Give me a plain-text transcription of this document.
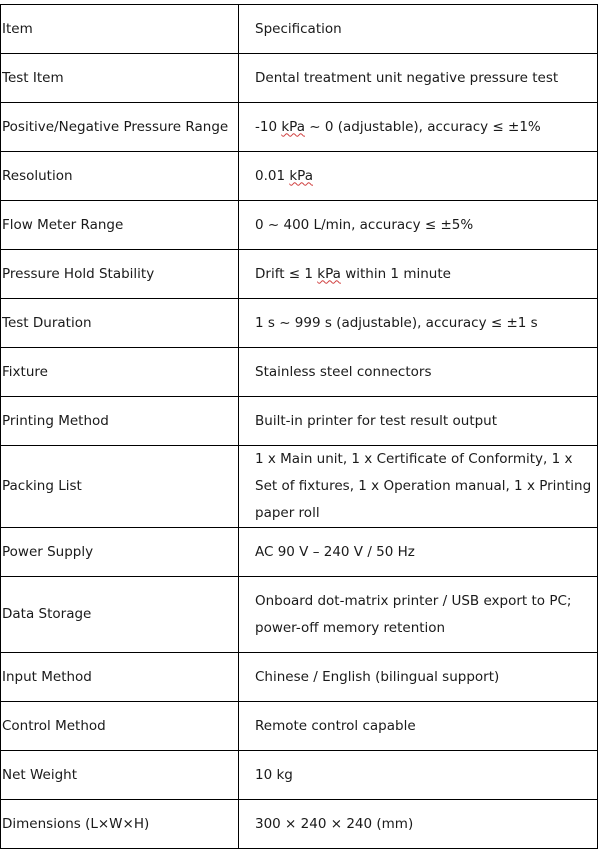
Item	Specification
Test Item	Dental treatment unit negative pressure test
Positive/Negative Pressure Range	-10 kPa ~ 0 (adjustable), accuracy ≤ ±1%
Resolution	0.01 kPa
Flow Meter Range	0 ~ 400 L/min, accuracy ≤ ±5%
Pressure Hold Stability	Drift ≤ 1 kPa within 1 minute
Test Duration	1 s ~ 999 s (adjustable), accuracy ≤ ±1 s
Fixture	Stainless steel connectors
Printing Method	Built-in printer for test result output
Packing List	1 x Main unit, 1 x Certificate of Conformity, 1 x Set of fixtures, 1 x Operation manual, 1 x Printing paper roll
Power Supply	AC 90 V – 240 V / 50 Hz
Data Storage	Onboard dot-matrix printer / USB export to PC; power-off memory retention
Input Method	Chinese / English (bilingual support)
Control Method	Remote control capable
Net Weight	10 kg
Dimensions (L×W×H)	300 × 240 × 240 (mm)
